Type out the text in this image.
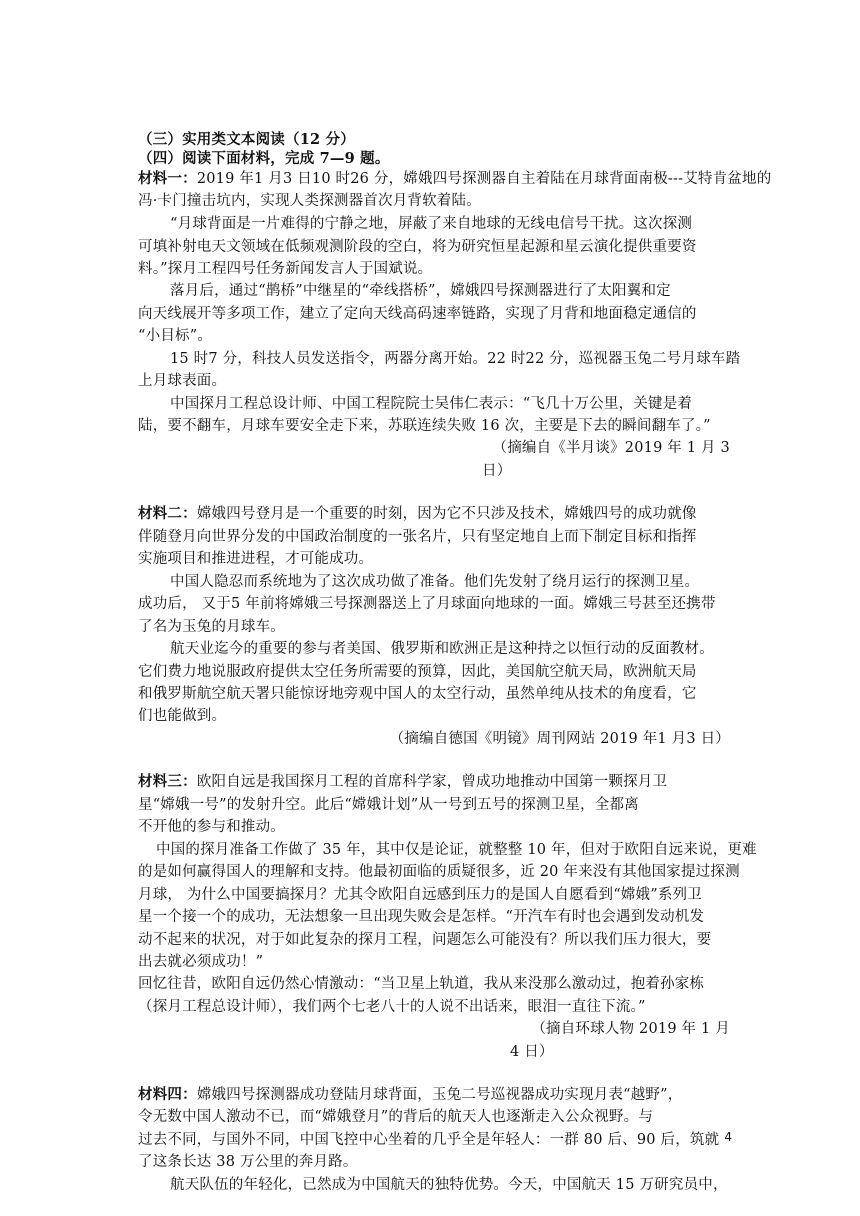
（三）实用类文本阅读（12 分）
（四）阅读下面材料，完成 7—9 题。
材料一：2019 年1 月3 日10 时26 分，嫦娥四号探测器自主着陆在月球背面南极---艾特肯盆地的
冯·卡门撞击坑内，实现人类探测器首次月背软着陆。
“月球背面是一片难得的宁静之地，屏蔽了来自地球的无线电信号干扰。这次探测
可填补射电天文领域在低频观测阶段的空白，将为研究恒星起源和星云演化提供重要资
料。”探月工程四号任务新闻发言人于国斌说。
落月后，通过“鹊桥”中继星的“牵线搭桥”，嫦娥四号探测器进行了太阳翼和定
向天线展开等多项工作，建立了定向天线高码速率链路，实现了月背和地面稳定通信的
“小目标”。
15 时7 分，科技人员发送指令，两器分离开始。22 时22 分，巡视器玉兔二号月球车踏
上月球表面。
中国探月工程总设计师、中国工程院院士吴伟仁表示：“飞几十万公里，关键是着
陆，要不翻车，月球车要安全走下来，苏联连续失败 16 次，主要是下去的瞬间翻车了。”
（摘编自《半月谈》2019 年 1 月 3
日）
材料二：嫦娥四号登月是一个重要的时刻，因为它不只涉及技术，嫦娥四号的成功就像
伴随登月向世界分发的中国政治制度的一张名片，只有坚定地自上而下制定目标和指挥
实施项目和推进进程，才可能成功。
中国人隐忍而系统地为了这次成功做了准备。他们先发射了绕月运行的探测卫星。
成功后， 又于5 年前将嫦娥三号探测器送上了月球面向地球的一面。嫦娥三号甚至还携带
了名为玉兔的月球车。
航天业迄今的重要的参与者美国、俄罗斯和欧洲正是这种持之以恒行动的反面教材。
它们费力地说服政府提供太空任务所需要的预算，因此，美国航空航天局，欧洲航天局
和俄罗斯航空航天署只能惊讶地旁观中国人的太空行动，虽然单纯从技术的角度看，它
们也能做到。
（摘编自德国《明镜》周刊网站 2019 年1 月3 日）
材料三：欧阳自远是我国探月工程的首席科学家，曾成功地推动中国第一颗探月卫
星“嫦娥一号”的发射升空。此后“嫦娥计划”从一号到五号的探测卫星，全都离
不开他的参与和推动。
中国的探月准备工作做了 35 年，其中仅是论证，就整整 10 年，但对于欧阳自远来说，更难
的是如何赢得国人的理解和支持。他最初面临的质疑很多，近 20 年来没有其他国家提过探测
月球， 为什么中国要搞探月？尤其令欧阳自远感到压力的是国人自愿看到“嫦娥”系列卫
星一个接一个的成功，无法想象一旦出现失败会是怎样。“开汽车有时也会遇到发动机发
动不起来的状况，对于如此复杂的探月工程，问题怎么可能没有？所以我们压力很大，要
出去就必须成功！”
回忆往昔，欧阳自远仍然心情激动：“当卫星上轨道，我从来没那么激动过，抱着孙家栋
（探月工程总设计师），我们两个七老八十的人说不出话来，眼泪一直往下流。”
（摘自环球人物 2019 年 1 月
4 日）
材料四：嫦娥四号探测器成功登陆月球背面，玉兔二号巡视器成功实现月表“越野”，
令无数中国人激动不已，而“嫦娥登月”的背后的航天人也逐渐走入公众视野。与
过去不同，与国外不同，中国飞控中心坐着的几乎全是年轻人：一群 80 后、90 后，筑就
了这条长达 38 万公里的奔月路。
航天队伍的年轻化，已然成为中国航天的独特优势。今天，中国航天 15 万研究员中，
4
